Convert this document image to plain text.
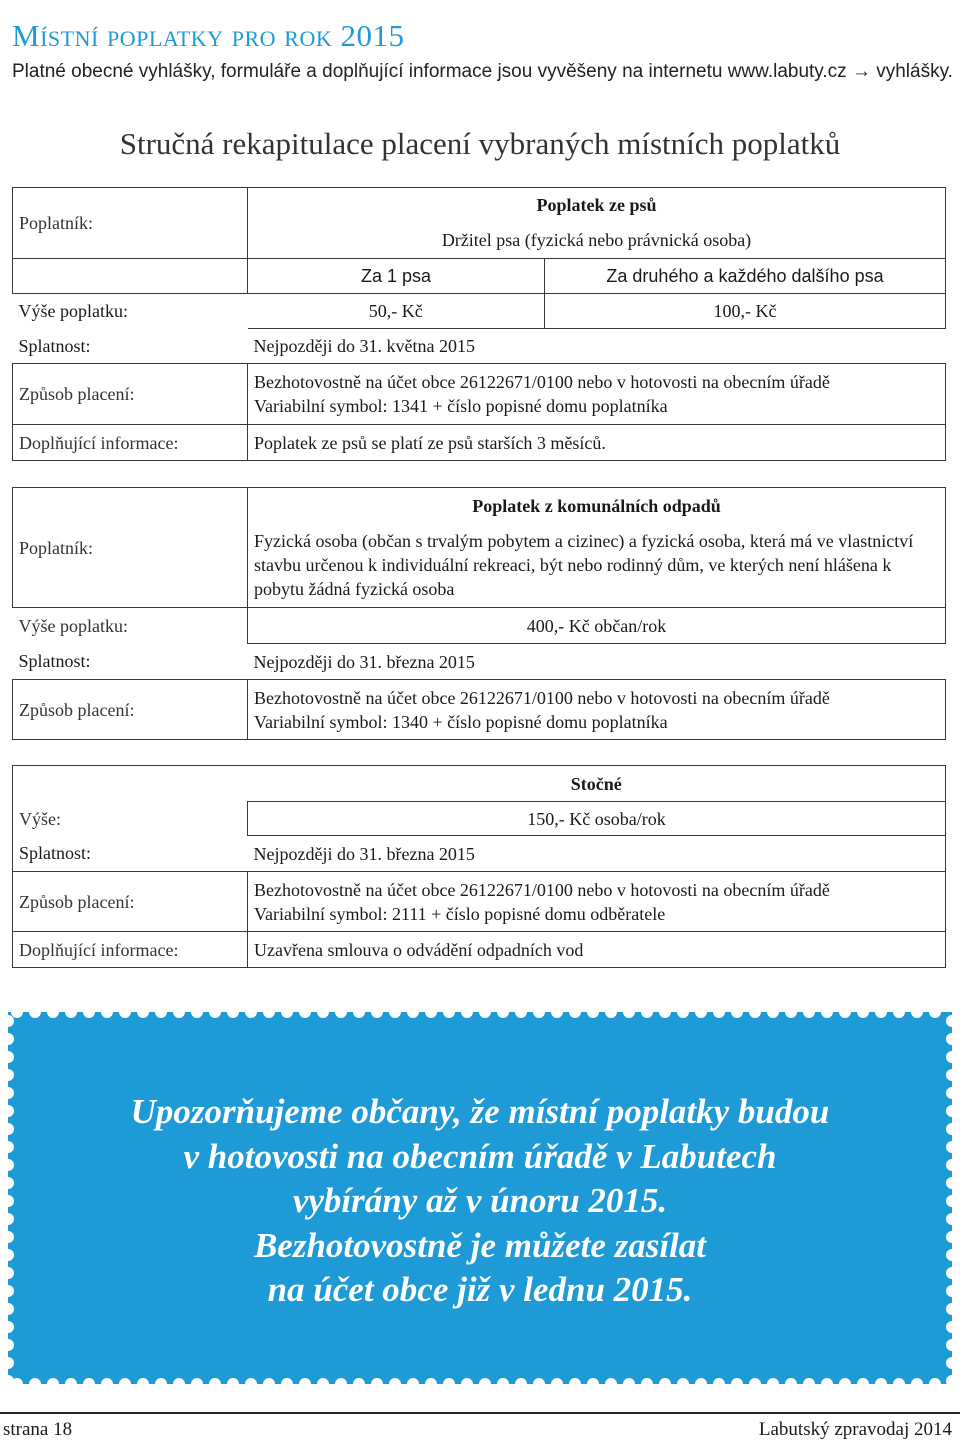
Místní poplatky pro rok 2015
Platné obecné vyhlášky, formuláře a doplňující informace jsou vyvěšeny na internetu www.labuty.cz → vyhlášky.
Stručná rekapitulace placení vybraných místních poplatků
Poplatník:	Poplatek ze psů	
	Držitel psa (fyzická nebo právnická osoba)	
	Za 1 psa	Za druhého a každého dalšího psa
Výše poplatku:	50,- Kč	100,- Kč
Splatnost:	Nejpozději do 31. května 2015	
Způsob placení:	Bezhotovostně na účet obce 26122671/0100 nebo v hotovosti na obecním úřadě
Variabilní symbol: 1341 + číslo popisné domu poplatníka	

Doplňující informace:	Poplatek ze psů se platí ze psů starších 3 měsíců.	
Poplatník:	Poplatek z komunálních odpadů
	Fyzická osoba (občan s trvalým pobytem a cizinec) a fyzická osoba, která má ve vlastnictví stavbu určenou k individuální rekreaci, být nebo rodinný dům, ve kterých není hlášena k pobytu žádná fyzická osoba
Výše poplatku:	400,- Kč občan/rok
Splatnost:	Nejpozději do 31. března 2015
Způsob placení:	Bezhotovostně na účet obce 26122671/0100 nebo v hotovosti na obecním úřadě
Variabilní symbol: 1340 + číslo popisné domu poplatníka
	Stočné
Výše:	150,- Kč osoba/rok
Splatnost:	Nejpozději do 31. března 2015
Způsob placení:	Bezhotovostně na účet obce 26122671/0100 nebo v hotovosti na obecním úřadě
Variabilní symbol: 2111 + číslo popisné domu odběratele

Doplňující informace:	Uzavřena smlouva o odvádění odpadních vod
Upozorňujeme občany, že místní poplatky budou
v hotovosti na obecním úřadě v Labutech
vybírány až v únoru 2015.
Bezhotovostně je můžete zasílat
na účet obce již v lednu 2015.
strana 18	Labutský zpravodaj 2014
